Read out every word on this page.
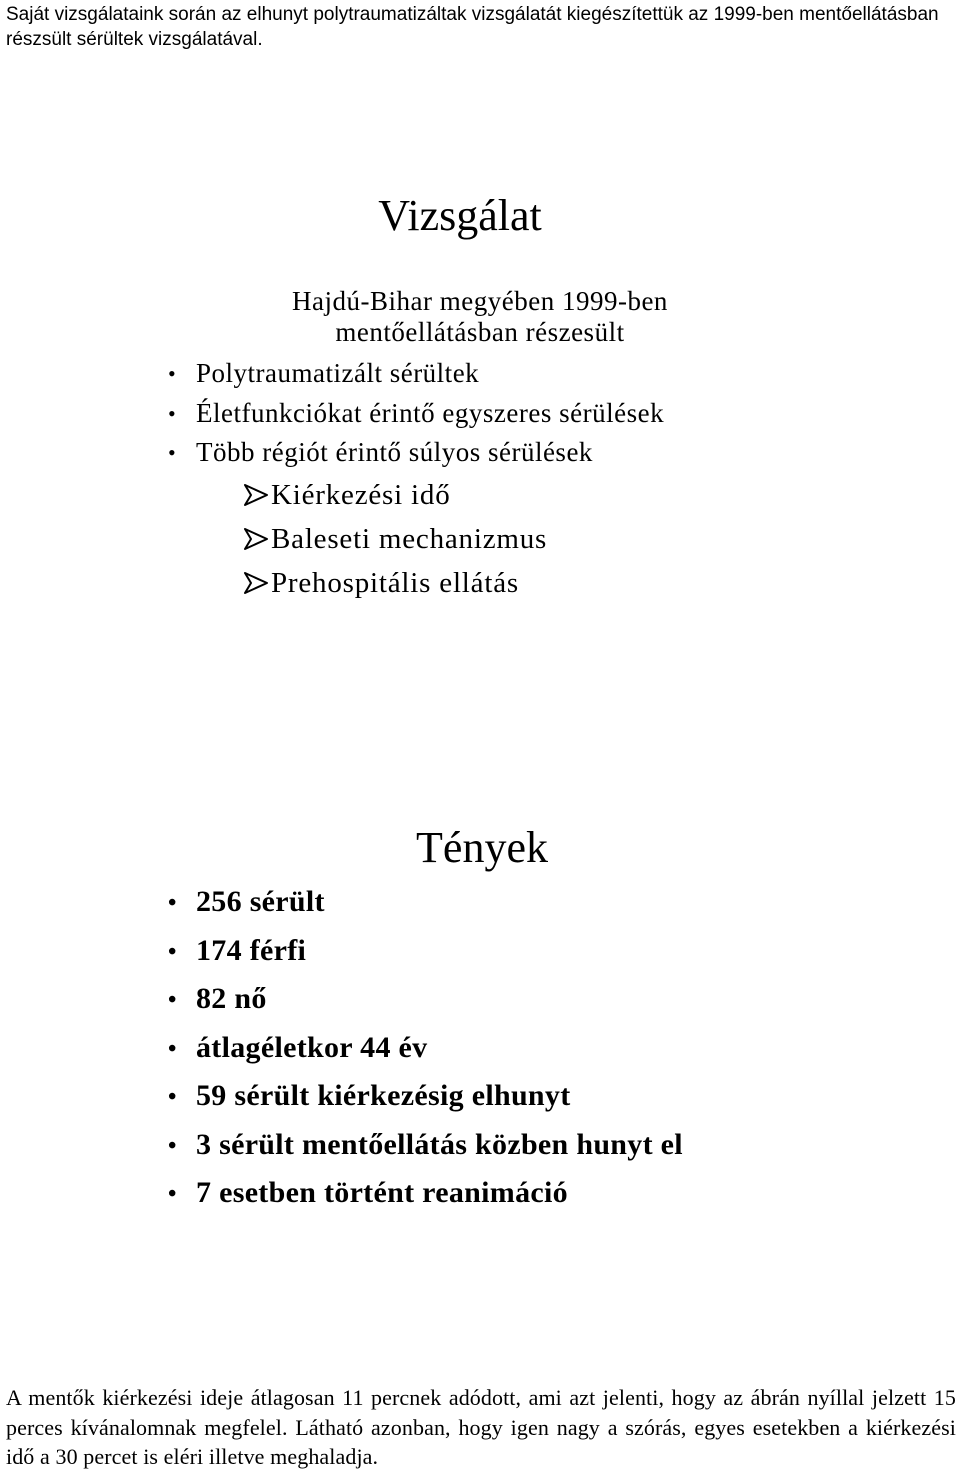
Saját vizsgálataink során az elhunyt polytraumatizáltak vizsgálatát kiegészítettük az 1999-ben mentőellátásban részsült sérültek vizsgálatával.
Vizsgálat
Hajdú-Bihar megyében 1999-ben
mentőellátásban részesült
• Polytraumatizált sérültek
• Életfunkciókat érintő egyszeres sérülések
• Több régiót érintő súlyos sérülések
Kiérkezési idő
Baleseti mechanizmus
Prehospitális ellátás
Tények
• 256 sérült
• 174 férfi
• 82 nő
• átlagéletkor 44 év
• 59 sérült kiérkezésig elhunyt
• 3 sérült mentőellátás közben hunyt el
• 7 esetben történt reanimáció
A mentők kiérkezési ideje átlagosan 11 percnek adódott, ami azt jelenti, hogy az ábrán nyíllal jelzett 15 perces kívánalomnak megfelel. Látható azonban, hogy igen nagy a szórás, egyes esetekben a kiérkezési idő a 30 percet is eléri illetve meghaladja.
